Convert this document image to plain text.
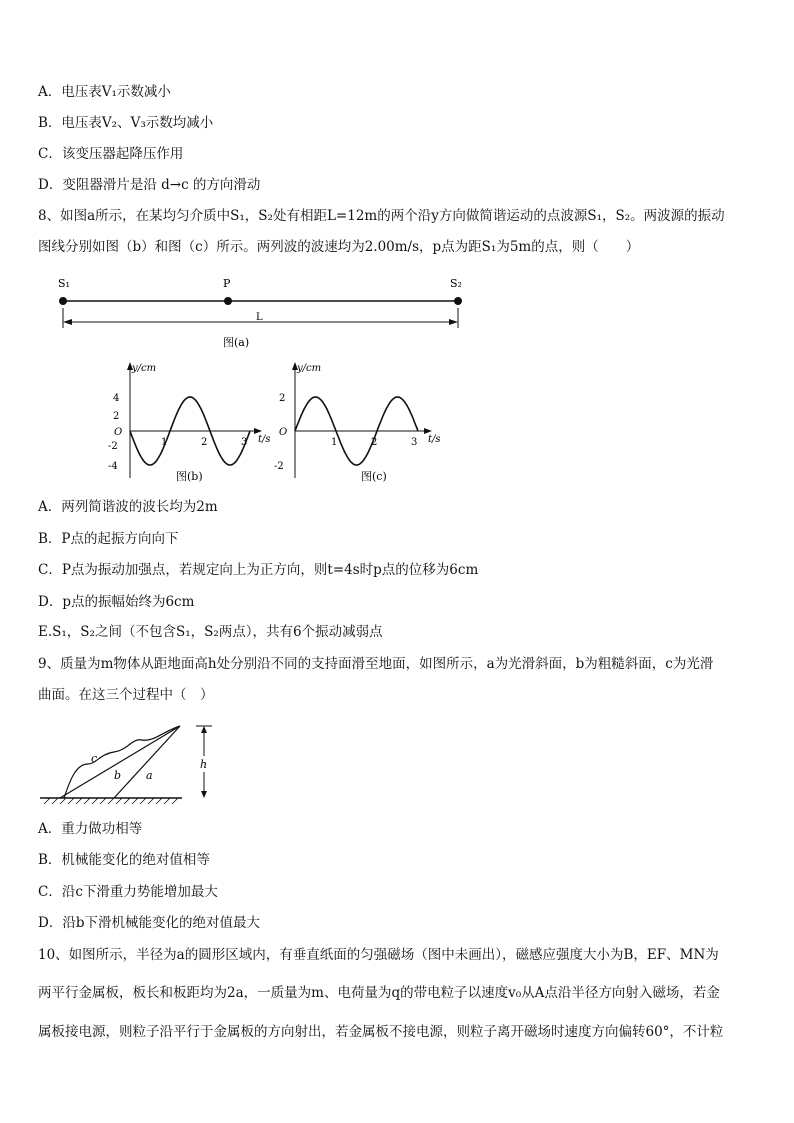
A．电压表V₁示数减小
B．电压表V₂、V₃示数均减小
C．该变压器起降压作用
D．变阻器滑片是沿 d→c 的方向滑动
8、如图a所示，在某均匀介质中S₁，S₂处有相距L=12m的两个沿y方向做简谐运动的点波源S₁，S₂。两波源的振动
图线分别如图（b）和图（c）所示。两列波的波速均为2.00m/s，p点为距S₁为5m的点，则（　　）
S₁	P	S₂
L
图(a)
y/cm
t/s
O
4
2
-2
-4
1	2	3
图(b)
y/cm
t/s
O
2
-2
1	2	3
图(c)
A．两列简谐波的波长均为2m
B．P点的起振方向向下
C．P点为振动加强点，若规定向上为正方向，则t=4s时p点的位移为6cm
D．p点的振幅始终为6cm
E.S₁，S₂之间（不包含S₁，S₂两点），共有6个振动减弱点
9、质量为m物体从距地面高h处分别沿不同的支持面滑至地面，如图所示，a为光滑斜面，b为粗糙斜面，c为光滑
曲面。在这三个过程中（　）
c
b a
h
A．重力做功相等
B．机械能变化的绝对值相等
C．沿c下滑重力势能增加最大
D．沿b下滑机械能变化的绝对值最大
10、如图所示，半径为a的圆形区域内，有垂直纸面的匀强磁场（图中未画出），磁感应强度大小为B，EF、MN为
两平行金属板，板长和板距均为2a，一质量为m、电荷量为q的带电粒子以速度v₀从A点沿半径方向射入磁场，若金
属板接电源，则粒子沿平行于金属板的方向射出，若金属板不接电源，则粒子离开磁场时速度方向偏转60°，不计粒
